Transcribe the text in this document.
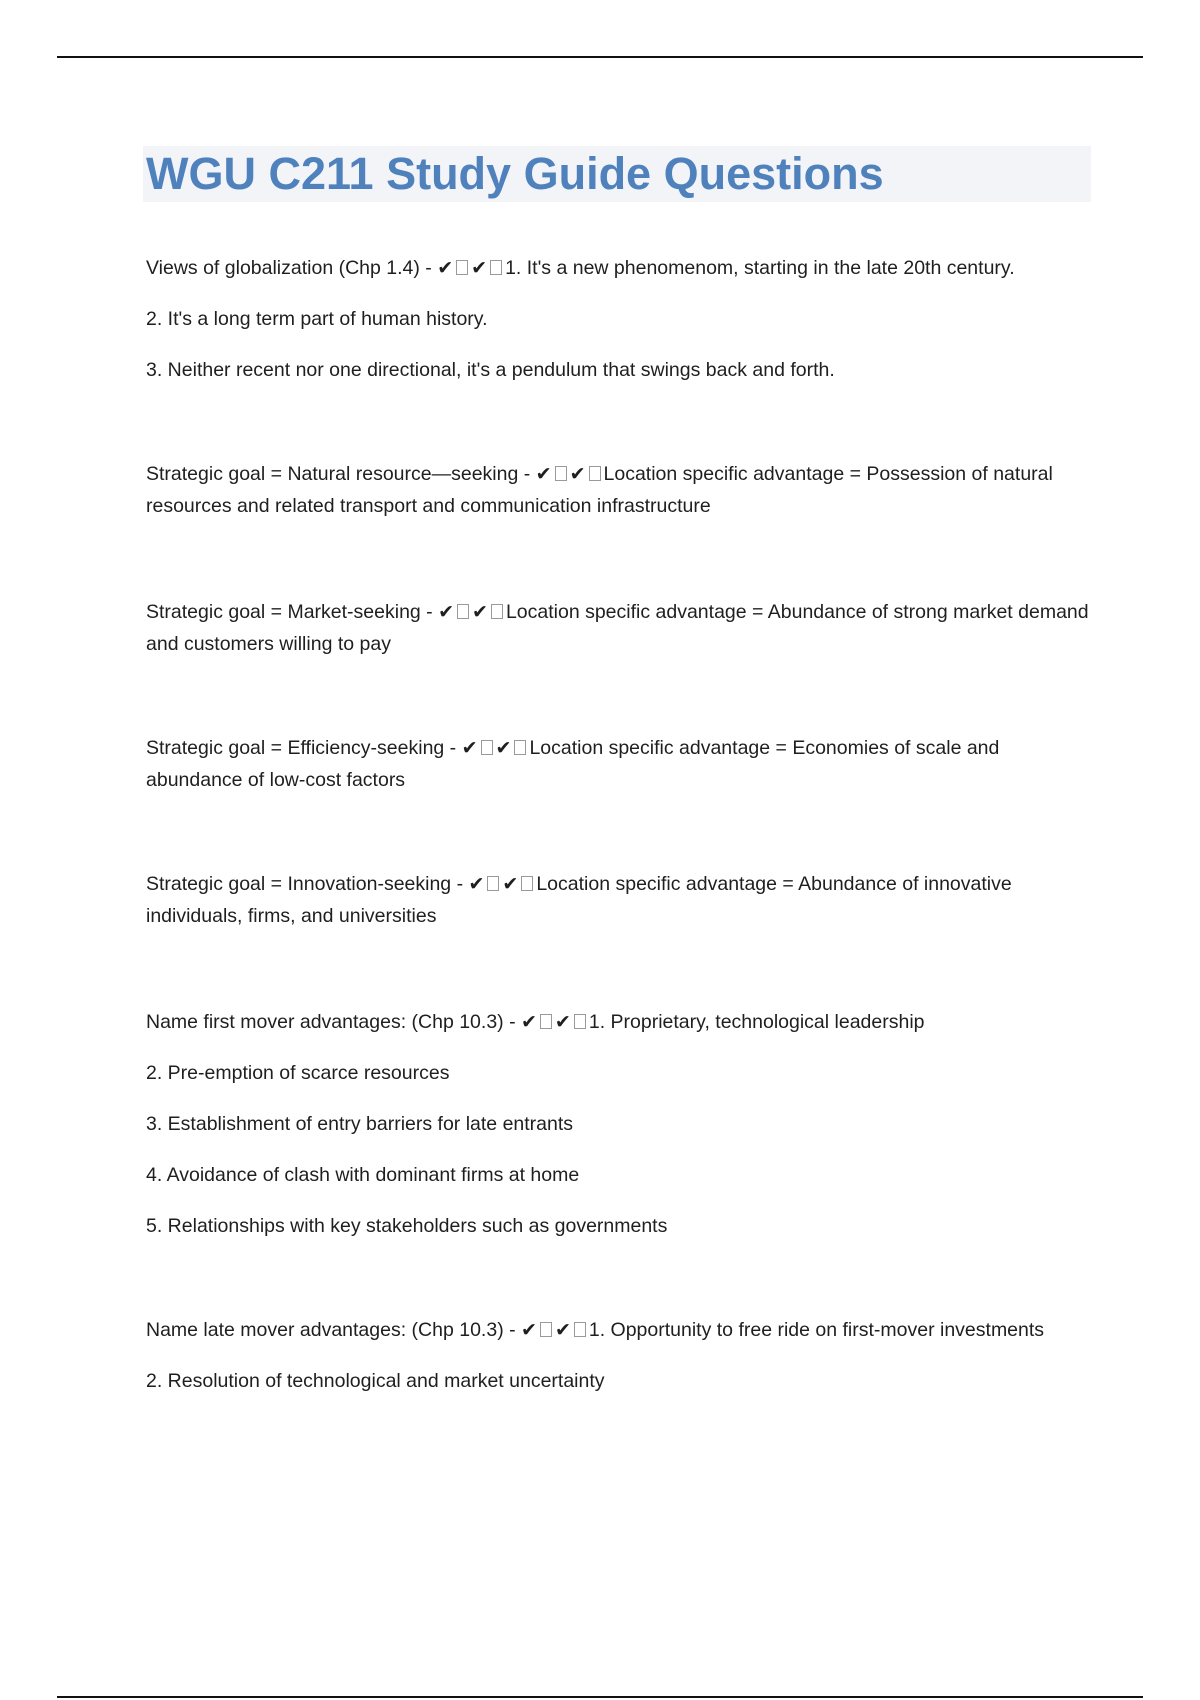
WGU C211 Study Guide Questions

Views of globalization (Chp 1.4) - ✔ ✔ 1. It's a new phenomenom, starting in the late 20th century.

2. It's a long term part of human history.

3. Neither recent nor one directional, it's a pendulum that swings back and forth.

Strategic goal = Natural resource—seeking - ✔ ✔ Location specific advantage = Possession of natural resources and related transport and communication infrastructure

Strategic goal = Market-seeking - ✔ ✔ Location specific advantage = Abundance of strong market demand and customers willing to pay

Strategic goal = Efficiency-seeking - ✔ ✔ Location specific advantage = Economies of scale and abundance of low-cost factors

Strategic goal = Innovation-seeking - ✔ ✔ Location specific advantage = Abundance of innovative individuals, firms, and universities

Name first mover advantages: (Chp 10.3) - ✔ ✔ 1. Proprietary, technological leadership

2. Pre-emption of scarce resources

3. Establishment of entry barriers for late entrants

4. Avoidance of clash with dominant firms at home

5. Relationships with key stakeholders such as governments

Name late mover advantages: (Chp 10.3) - ✔ ✔ 1. Opportunity to free ride on first-mover investments

2. Resolution of technological and market uncertainty
